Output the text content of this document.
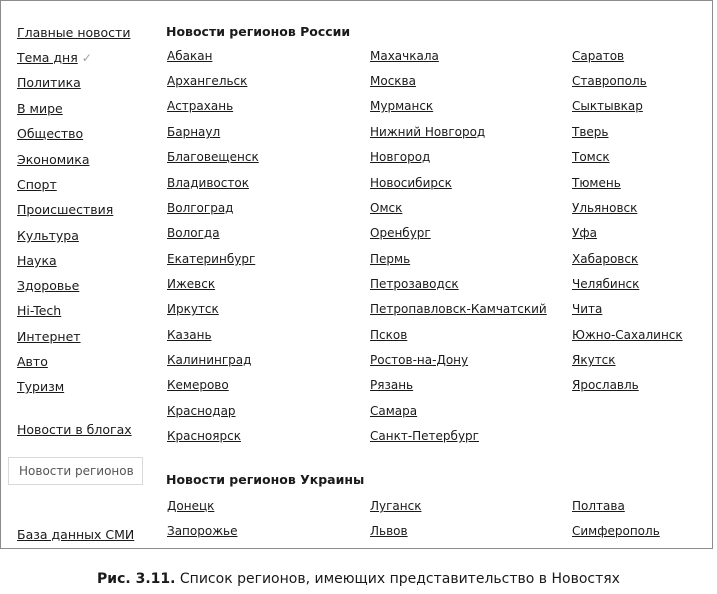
Главные новости
Тема дня ✓
Политика
В мире
Общество
Экономика
Спорт
Происшествия
Культура
Наука
Здоровье
Hi-Tech
Интернет
Авто
Туризм
Новости в блогах
База данных СМИ
Новости регионов
Новости регионов России
Абакан
Архангельск
Астрахань
Барнаул
Благовещенск
Владивосток
Волгоград
Вологда
Екатеринбург
Ижевск
Иркутск
Казань
Калининград
Кемерово
Краснодар
Красноярск
Махачкала
Москва
Мурманск
Нижний Новгород
Новгород
Новосибирск
Омск
Оренбург
Пермь
Петрозаводск
Петропавловск-Камчатский
Псков
Ростов-на-Дону
Рязань
Самара
Санкт-Петербург
Саратов
Ставрополь
Сыктывкар
Тверь
Томск
Тюмень
Ульяновск
Уфа
Хабаровск
Челябинск
Чита
Южно-Сахалинск
Якутск
Ярославль
Новости регионов Украины
Донецк
Запорожье
Луганск
Львов
Полтава
Симферополь
Рис. 3.11. Список регионов, имеющих представительство в Новостях
